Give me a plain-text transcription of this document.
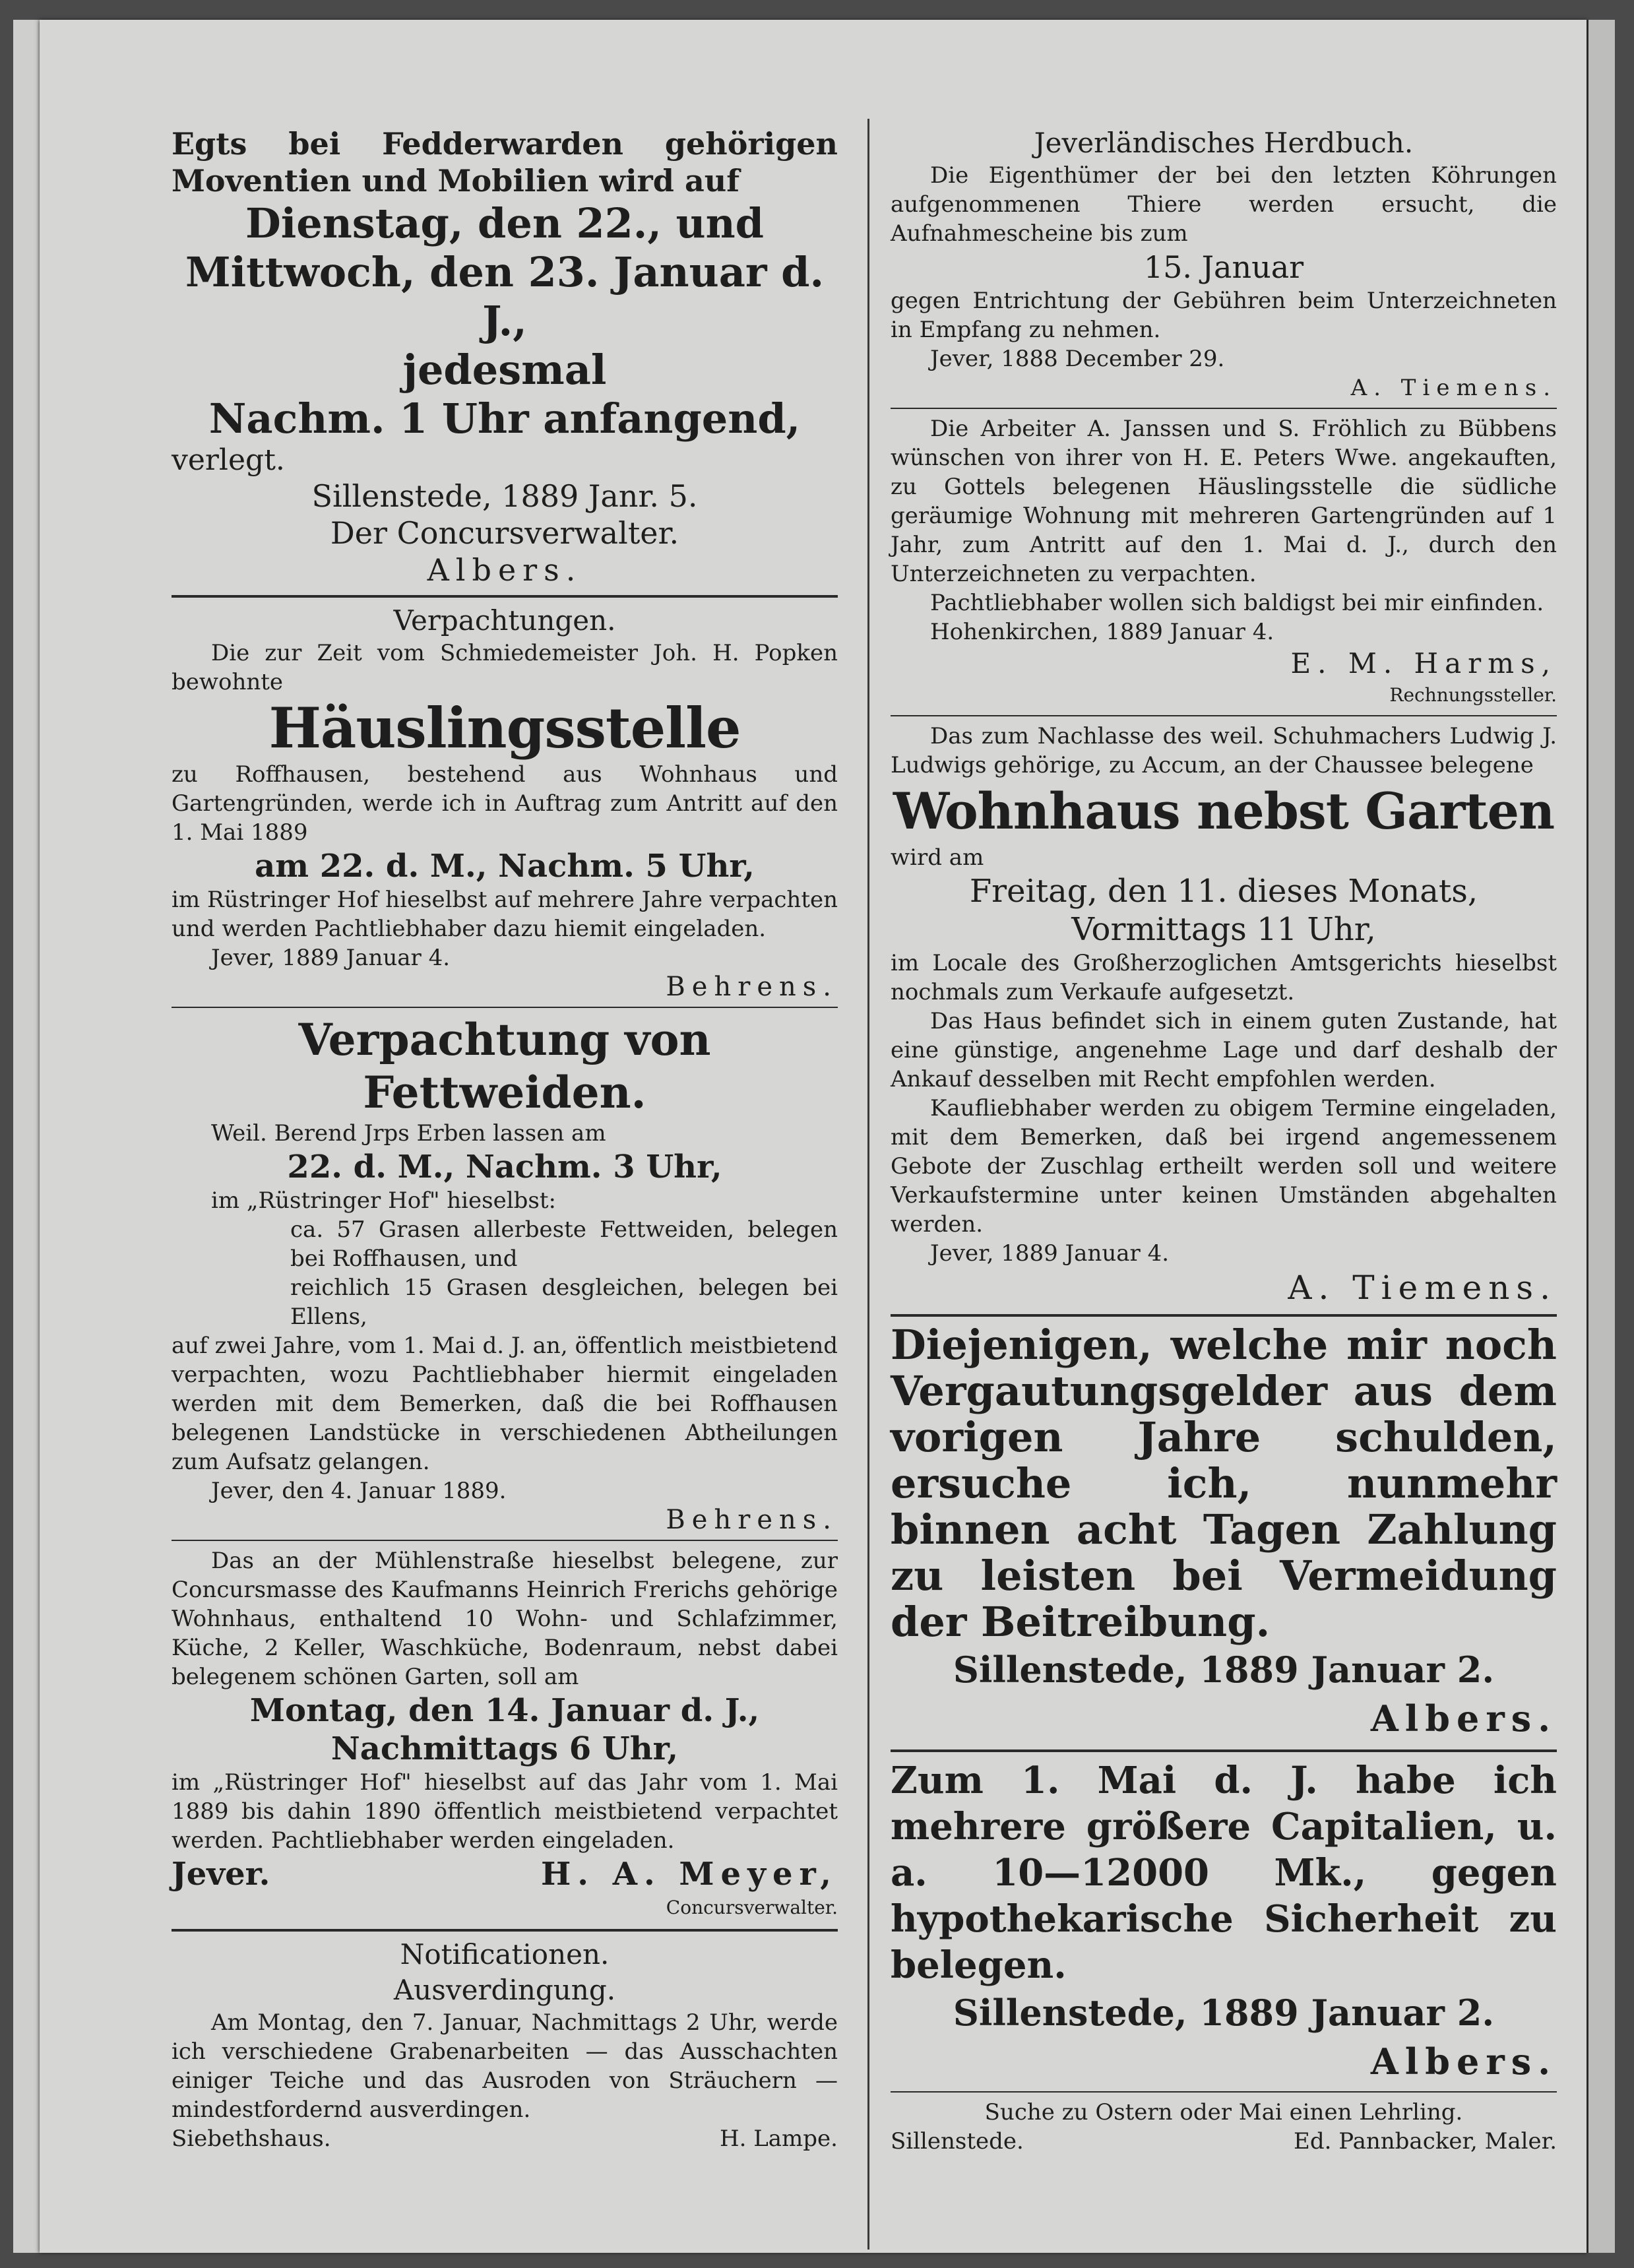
Egts bei Fedderwarden gehörigen Moventien und Mobilien wird auf

Dienstag, den 22., und

Mittwoch, den 23. Januar d. J.,

jedesmal

Nachm. 1 Uhr anfangend,

verlegt.

Sillenstede, 1889 Janr. 5.

Der Concursverwalter.

Albers.

Verpachtungen.

Die zur Zeit vom Schmiedemeister Joh. H. Popken bewohnte

Häuslingsstelle

zu Roffhausen, bestehend aus Wohnhaus und Gartengründen, werde ich in Auftrag zum Antritt auf den 1. Mai 1889

am 22. d. M., Nachm. 5 Uhr,

im Rüstringer Hof hieselbst auf mehrere Jahre verpachten und werden Pachtliebhaber dazu hiemit eingeladen.

Jever, 1889 Januar 4.

Behrens.

Verpachtung von Fettweiden.

Weil. Berend Jrps Erben lassen am

22. d. M., Nachm. 3 Uhr,

im „Rüstringer Hof" hieselbst:

ca. 57 Grasen allerbeste Fettweiden, belegen bei Roffhausen, und

reichlich 15 Grasen desgleichen, belegen bei Ellens,

auf zwei Jahre, vom 1. Mai d. J. an, öffentlich meistbietend verpachten, wozu Pachtliebhaber hiermit eingeladen werden mit dem Bemerken, daß die bei Roffhausen belegenen Landstücke in verschiedenen Abtheilungen zum Aufsatz gelangen.

Jever, den 4. Januar 1889.

Behrens.

Das an der Mühlenstraße hieselbst belegene, zur Concursmasse des Kaufmanns Heinrich Frerichs gehörige Wohnhaus, enthaltend 10 Wohn- und Schlafzimmer, Küche, 2 Keller, Waschküche, Bodenraum, nebst dabei belegenem schönen Garten, soll am

Montag, den 14. Januar d. J.,

Nachmittags 6 Uhr,

im „Rüstringer Hof" hieselbst auf das Jahr vom 1. Mai 1889 bis dahin 1890 öffentlich meistbietend verpachtet werden. Pachtliebhaber werden eingeladen.

Jever.	H. A. Meyer,

Concursverwalter.

Notificationen.

Ausverdingung.

Am Montag, den 7. Januar, Nachmittags 2 Uhr, werde ich verschiedene Grabenarbeiten — das Ausschachten einiger Teiche und das Ausroden von Sträuchern — mindestfordernd ausverdingen.

Siebethshaus.	H. Lampe.

Jeverländisches Herdbuch.

Die Eigenthümer der bei den letzten Köhrungen aufgenommenen Thiere werden ersucht, die Aufnahmescheine bis zum

15. Januar

gegen Entrichtung der Gebühren beim Unterzeichneten in Empfang zu nehmen.

Jever, 1888 December 29.

A. Tiemens.

Die Arbeiter A. Janssen und S. Fröhlich zu Bübbens wünschen von ihrer von H. E. Peters Wwe. angekauften, zu Gottels belegenen Häuslingsstelle die südliche geräumige Wohnung mit mehreren Gartengründen auf 1 Jahr, zum Antritt auf den 1. Mai d. J., durch den Unterzeichneten zu verpachten.

Pachtliebhaber wollen sich baldigst bei mir einfinden.

Hohenkirchen, 1889 Januar 4.

E. M. Harms,

Rechnungssteller.

Das zum Nachlasse des weil. Schuhmachers Ludwig J. Ludwigs gehörige, zu Accum, an der Chaussee belegene

Wohnhaus nebst Garten

wird am

Freitag, den 11. dieses Monats,

Vormittags 11 Uhr,

im Locale des Großherzoglichen Amtsgerichts hieselbst nochmals zum Verkaufe aufgesetzt.

Das Haus befindet sich in einem guten Zustande, hat eine günstige, angenehme Lage und darf deshalb der Ankauf desselben mit Recht empfohlen werden.

Kaufliebhaber werden zu obigem Termine eingeladen, mit dem Bemerken, daß bei irgend angemessenem Gebote der Zuschlag ertheilt werden soll und weitere Verkaufstermine unter keinen Umständen abgehalten werden.

Jever, 1889 Januar 4.

A. Tiemens.

Diejenigen, welche mir noch Vergautungsgelder aus dem vorigen Jahre schulden, ersuche ich, nunmehr binnen acht Tagen Zahlung zu leisten bei Vermeidung der Beitreibung.

Sillenstede, 1889 Januar 2.

Albers.

Zum 1. Mai d. J. habe ich mehrere größere Capitalien, u. a. 10—12000 Mk., gegen hypothekarische Sicherheit zu belegen.

Sillenstede, 1889 Januar 2.

Albers.

Suche zu Ostern oder Mai einen Lehrling.

Sillenstede.	Ed. Pannbacker, Maler.
